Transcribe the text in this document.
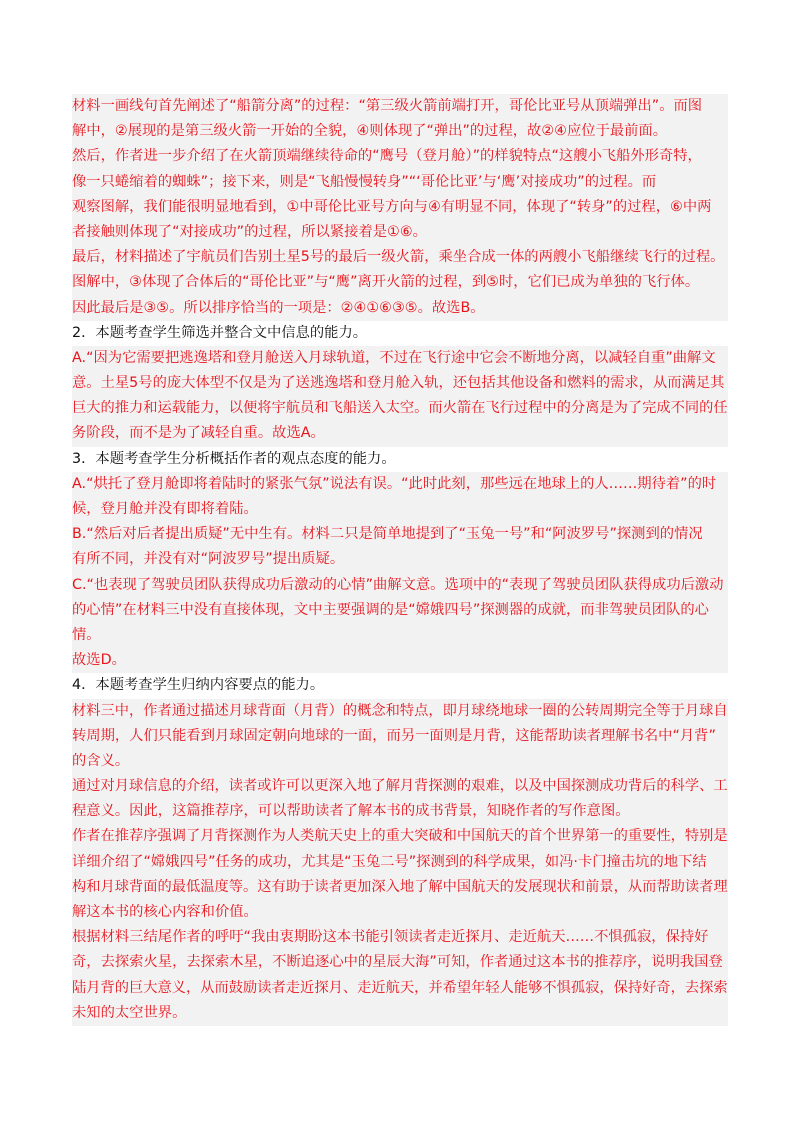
材料一画线句首先阐述了“船箭分离”的过程：“第三级火箭前端打开，哥伦比亚号从顶端弹出”。而图
解中，②展现的是第三级火箭一开始的全貌，④则体现了“弹出”的过程，故②④应位于最前面。
然后，作者进一步介绍了在火箭顶端继续待命的“鹰号（登月舱）”的样貌特点“这艘小飞船外形奇特，
像一只蜷缩着的蜘蛛”；接下来，则是“飞船慢慢转身”“‘哥伦比亚’与‘鹰’对接成功”的过程。而
观察图解，我们能很明显地看到，①中哥伦比亚号方向与④有明显不同，体现了“转身”的过程，⑥中两
者接触则体现了“对接成功”的过程，所以紧接着是①⑥。
最后，材料描述了宇航员们告别土星5号的最后一级火箭，乘坐合成一体的两艘小飞船继续飞行的过程。
图解中，③体现了合体后的“哥伦比亚”与“鹰”离开火箭的过程，到⑤时，它们已成为单独的飞行体。
因此最后是③⑤。所以排序恰当的一项是：②④①⑥③⑤。故选B。
2．本题考查学生筛选并整合文中信息的能力。
A.“因为它需要把逃逸塔和登月舱送入月球轨道，不过在飞行途中它会不断地分离，以减轻自重”曲解文
意。土星5号的庞大体型不仅是为了送逃逸塔和登月舱入轨，还包括其他设备和燃料的需求，从而满足其
巨大的推力和运载能力，以便将宇航员和飞船送入太空。而火箭在飞行过程中的分离是为了完成不同的任
务阶段，而不是为了减轻自重。故选A。
3．本题考查学生分析概括作者的观点态度的能力。
A.“烘托了登月舱即将着陆时的紧张气氛”说法有误。“此时此刻，那些远在地球上的人……期待着”的时
候，登月舱并没有即将着陆。
B.“然后对后者提出质疑”无中生有。材料二只是简单地提到了“玉兔一号”和“阿波罗号”探测到的情况
有所不同，并没有对“阿波罗号”提出质疑。
C.“也表现了驾驶员团队获得成功后激动的心情”曲解文意。选项中的“表现了驾驶员团队获得成功后激动
的心情”在材料三中没有直接体现，文中主要强调的是“嫦娥四号”探测器的成就，而非驾驶员团队的心
情。
故选D。
4．本题考查学生归纳内容要点的能力。
材料三中，作者通过描述月球背面（月背）的概念和特点，即月球绕地球一圈的公转周期完全等于月球自
转周期，人们只能看到月球固定朝向地球的一面，而另一面则是月背，这能帮助读者理解书名中“月背”
的含义。
通过对月球信息的介绍，读者或许可以更深入地了解月背探测的艰难，以及中国探测成功背后的科学、工
程意义。因此，这篇推荐序，可以帮助读者了解本书的成书背景，知晓作者的写作意图。
作者在推荐序强调了月背探测作为人类航天史上的重大突破和中国航天的首个世界第一的重要性，特别是
详细介绍了“嫦娥四号”任务的成功，尤其是“玉兔二号”探测到的科学成果，如冯·卡门撞击坑的地下结
构和月球背面的最低温度等。这有助于读者更加深入地了解中国航天的发展现状和前景，从而帮助读者理
解这本书的核心内容和价值。
根据材料三结尾作者的呼吁“我由衷期盼这本书能引领读者走近探月、走近航天……不惧孤寂，保持好
奇，去探索火星，去探索木星，不断追逐心中的星辰大海”可知，作者通过这本书的推荐序，说明我国登
陆月背的巨大意义，从而鼓励读者走近探月、走近航天，并希望年轻人能够不惧孤寂，保持好奇，去探索
未知的太空世界。
